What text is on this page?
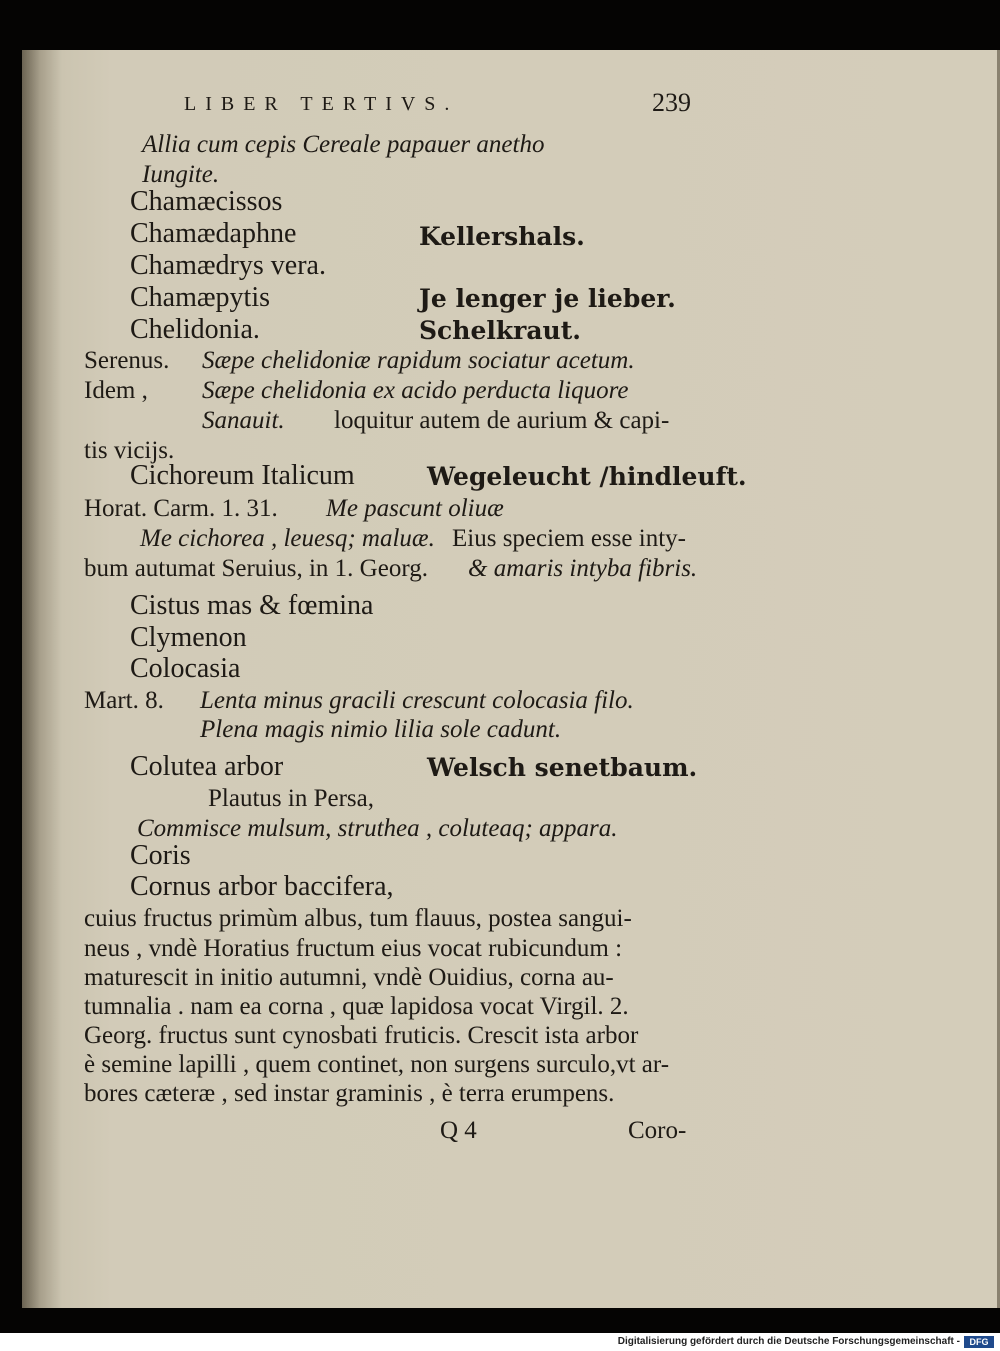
LIBER TERTIVS.	239
Allia cum cepis Cereale papauer anetho
Iungite.
Chamæcissos
Chamædaphne	Kellershals.
Chamædrys vera.
Chamæpytis	Je lenger je lieber.
Chelidonia.	Schelkraut.
Serenus. Sæpe chelidoniæ rapidum sociatur acetum.
Idem , Sæpe chelidonia ex acido perducta liquore
Sanauit. loquitur autem de aurium & capi-
tis vicijs.
Cichoreum Italicum	Wegeleucht /hindleuft.
Horat. Carm. 1. 31. Me pascunt oliuæ
Me cichorea , leuesq; maluæ. Eius speciem esse inty-
bum autumat Seruius, in 1. Georg. & amaris intyba fibris.
Cistus mas & fœmina
Clymenon
Colocasia
Mart. 8. Lenta minus gracili crescunt colocasia filo.
Plena magis nimio lilia sole cadunt.
Colutea arbor	Welsch senetbaum.
Plautus in Persa,
Commisce mulsum, struthea , coluteaq; appara.
Coris
Cornus arbor baccifera,
cuius fructus primùm albus, tum flauus, postea sangui-
neus , vndè Horatius fructum eius vocat rubicundum :
maturescit in initio autumni, vndè Ouidius, corna au-
tumnalia . nam ea corna , quæ lapidosa vocat Virgil. 2.
Georg. fructus sunt cynosbati fruticis. Crescit ista arbor
è semine lapilli , quem continet, non surgens surculo,vt ar-
bores cæteræ , sed instar graminis , è terra erumpens.
Q 4	Coro-
Digitalisierung gefördert durch die Deutsche Forschungsgemeinschaft -	DFG
